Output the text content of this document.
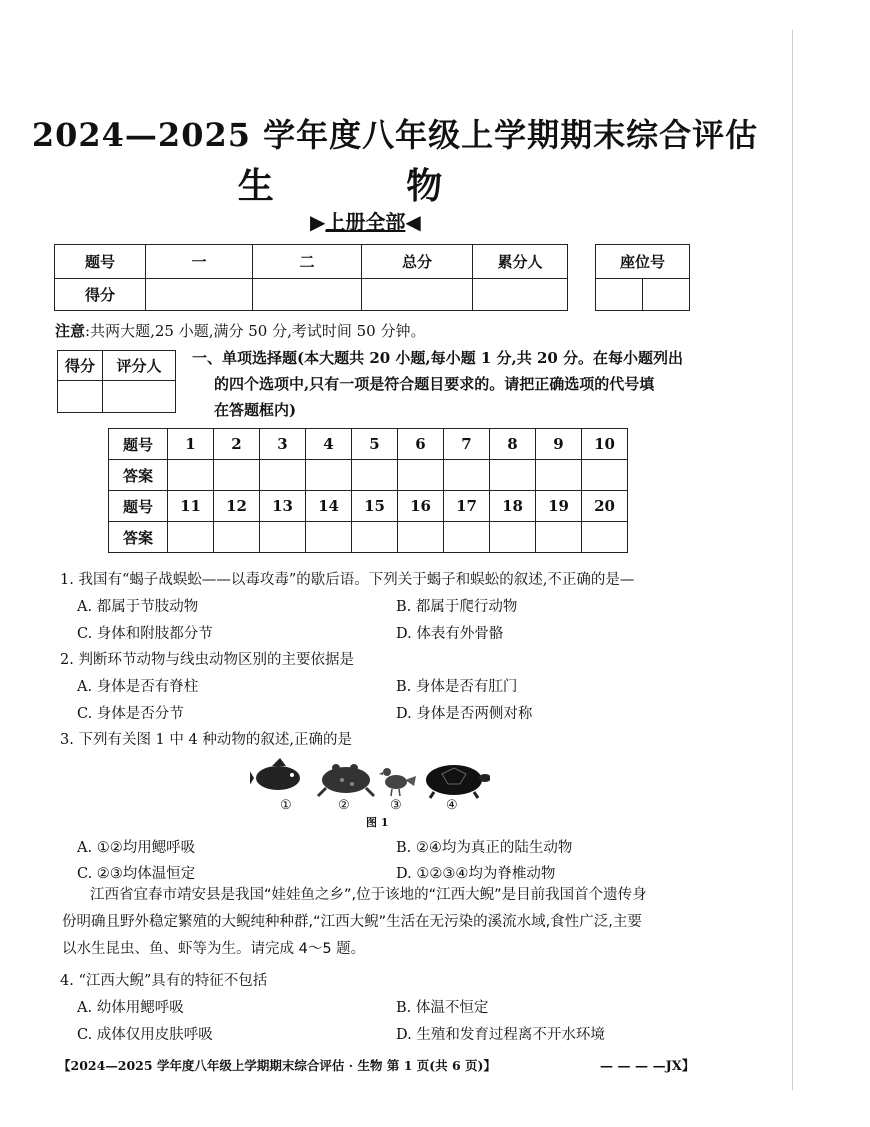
2024—2025 学年度八年级上学期期末综合评估
生 物
▶上册全部◀
题号	一	二	总分	累分人
得分				
座位号

注意:共两大题,25 小题,满分 50 分,考试时间 50 分钟。
得分	评分人
	一、单项选择题(本大题共 20 小题,每小题 1 分,共 20 分。在每小题列出
的四个选项中,只有一项是符合题目要求的。请把正确选项的代号填
在答题框内)
题号	1	2	3	4	5	6	7	8	9	10
答案										
题号	11	12	13	14	15	16	17	18	19	20
答案										
1. 我国有“蝎子战蜈蚣——以毒攻毒”的歇后语。下列关于蝎子和蜈蚣的叙述,不正确的是—
A. 都属于节肢动物	B. 都属于爬行动物
C. 身体和附肢都分节	D. 体表有外骨骼
2. 判断环节动物与线虫动物区别的主要依据是
A. 身体是否有脊柱	B. 身体是否有肛门
C. 身体是否分节	D. 身体是否两侧对称
3. 下列有关图 1 中 4 种动物的叙述,正确的是
①	②	③	④
图 1
A. ①②均用鳃呼吸	B. ②④均为真正的陆生动物
C. ②③均体温恒定	D. ①②③④均为脊椎动物
江西省宜春市靖安县是我国“娃娃鱼之乡”,位于该地的“江西大鲵”是目前我国首个遗传身
份明确且野外稳定繁殖的大鲵纯种种群,“江西大鲵”生活在无污染的溪流水域,食性广泛,主要
以水生昆虫、鱼、虾等为生。请完成 4～5 题。
4. “江西大鲵”具有的特征不包括
A. 幼体用鳃呼吸	B. 体温不恒定
C. 成体仅用皮肤呼吸	D. 生殖和发育过程离不开水环境
【2024—2025 学年度八年级上学期期末综合评估 · 生物 第 1 页(共 6 页)】	— — — —JX】
